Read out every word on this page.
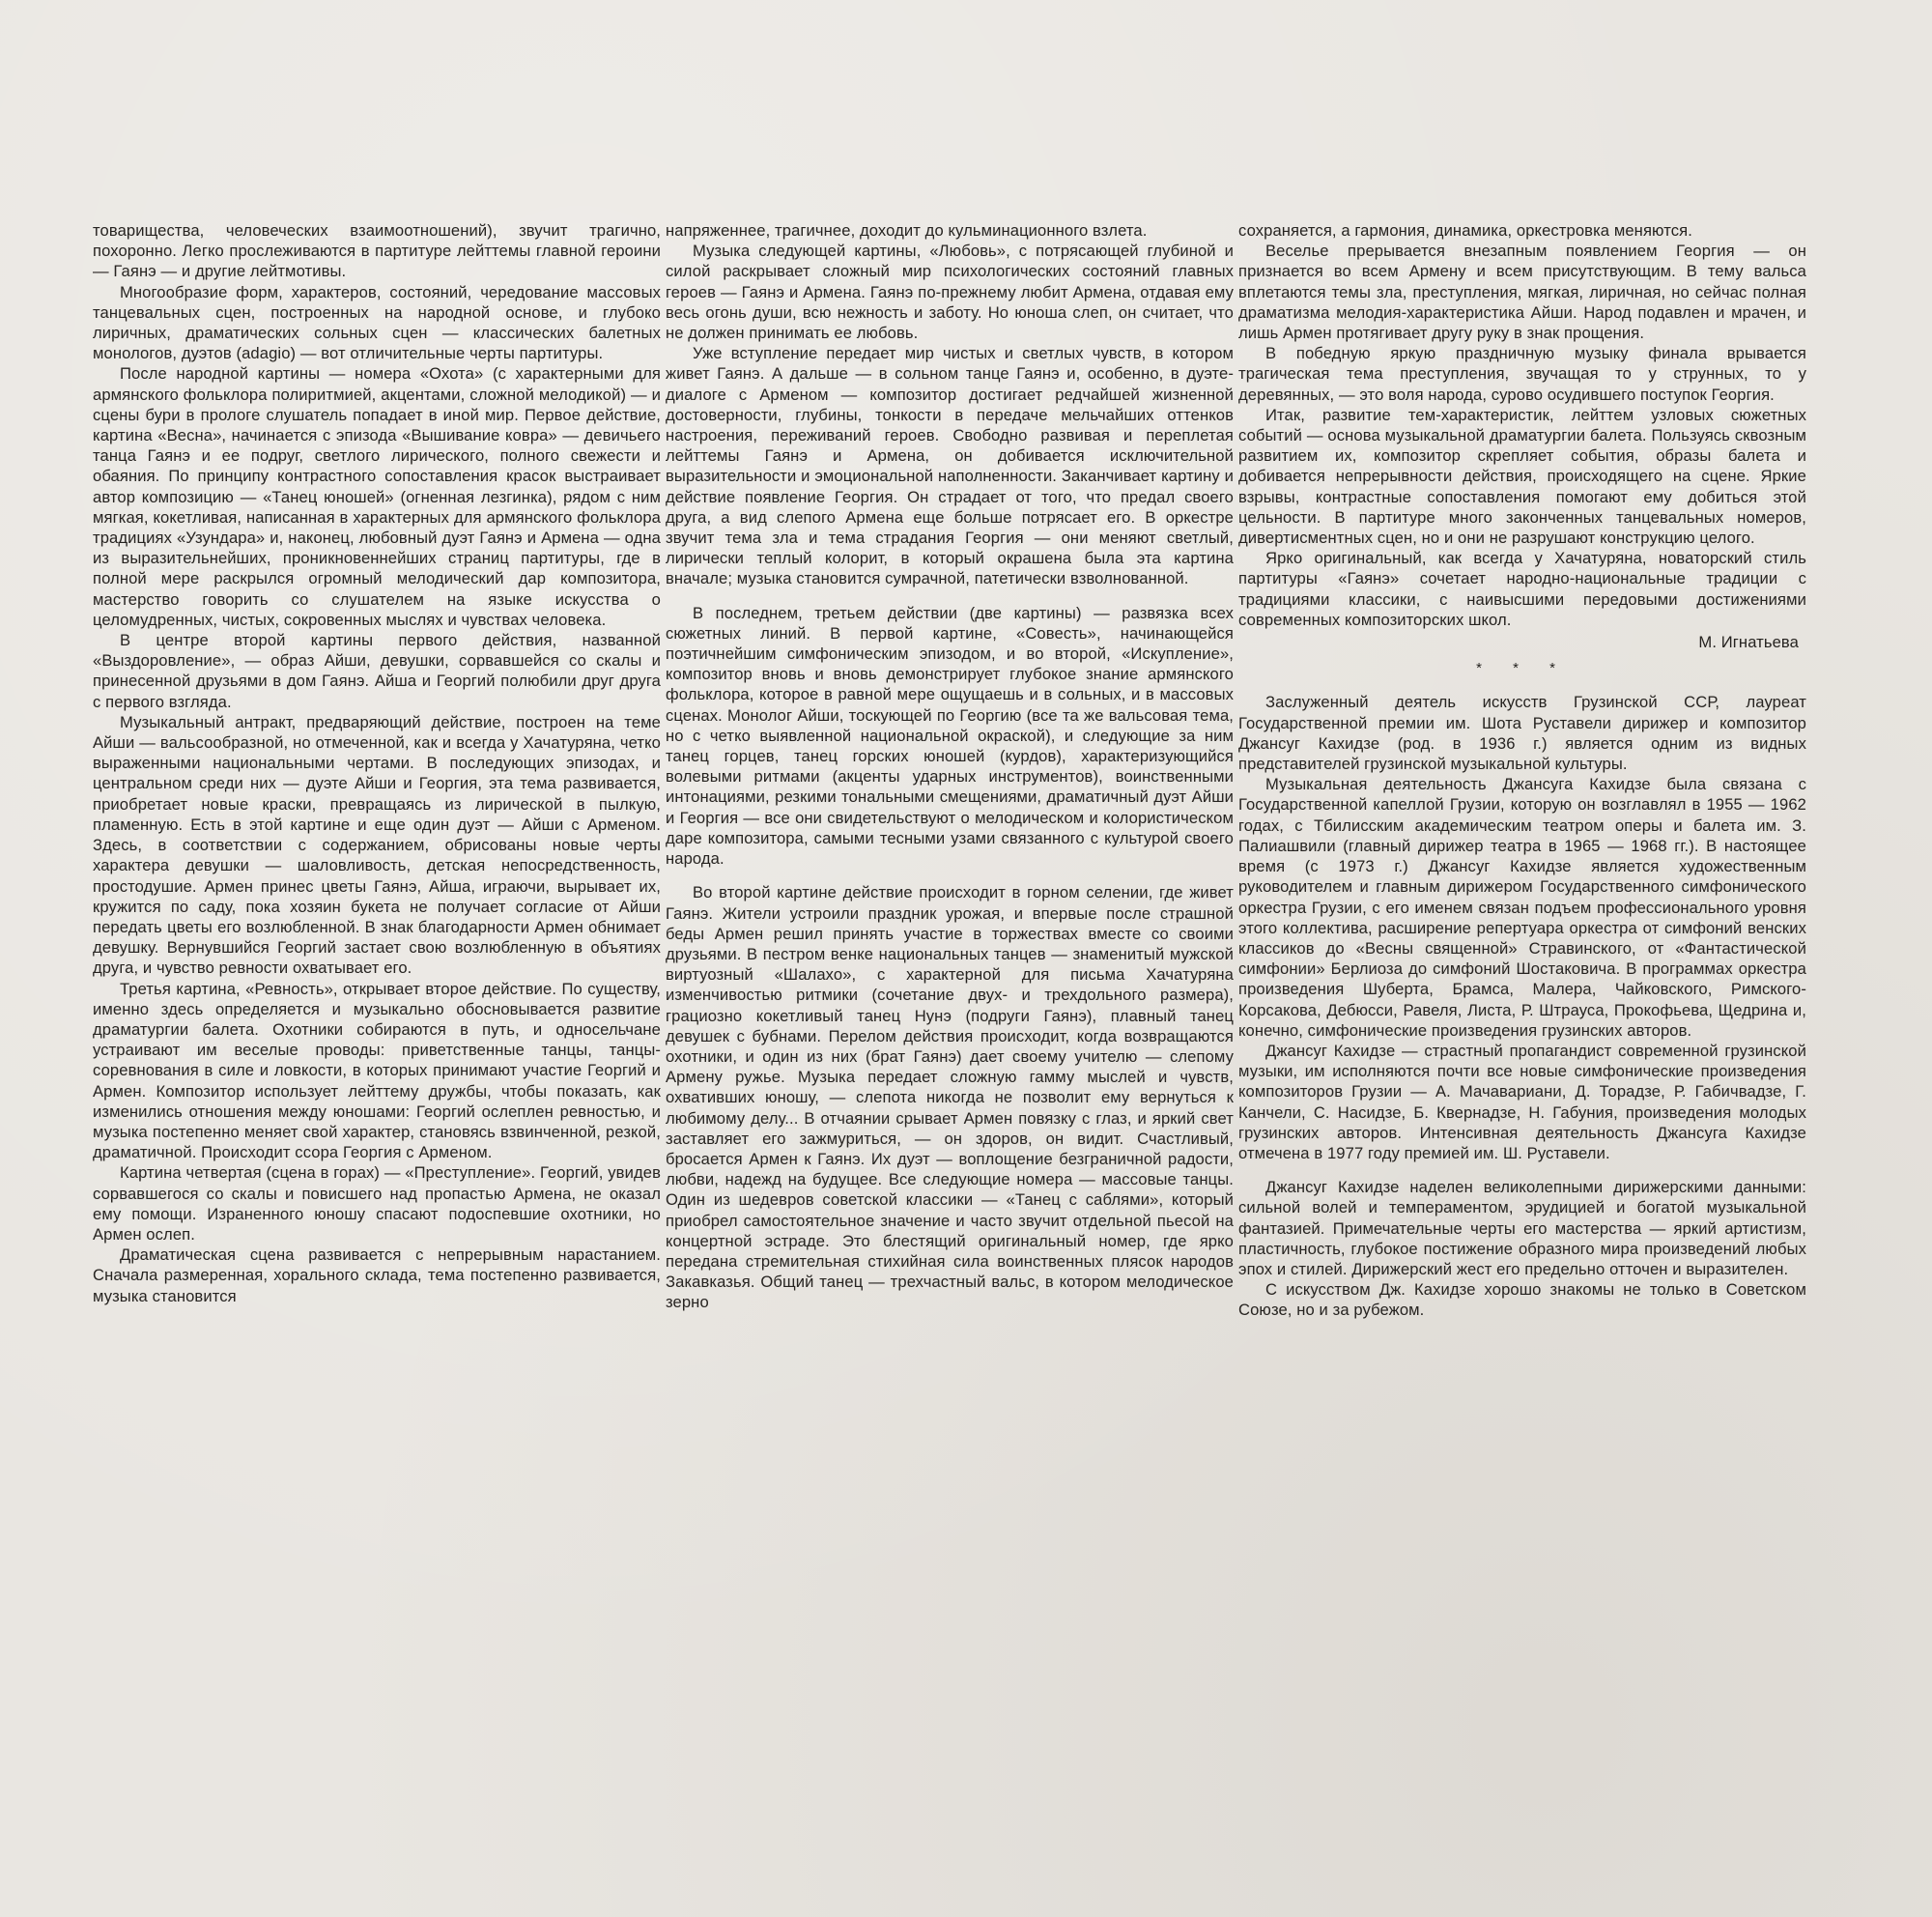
товарищества, человеческих взаимоотношений), звучит трагично, похоронно. Легко прослеживаются в партитуре лейттемы главной героини — Гаянэ — и другие лейтмотивы.

Многообразие форм, характеров, состояний, чередование массовых танцевальных сцен, построенных на народной основе, и глубоко лиричных, драматических сольных сцен — классических балетных монологов, дуэтов (adagio) — вот отличительные черты партитуры.

После народной картины — номера «Охота» (с характерными для армянского фольклора полиритмией, акцентами, сложной мелодикой) — и сцены бури в прологе слушатель попадает в иной мир. Первое действие, картина «Весна», начинается с эпизода «Вышивание ковра» — девичьего танца Гаянэ и ее подруг, светлого лирического, полного свежести и обаяния. По принципу контрастного сопоставления красок выстраивает автор композицию — «Танец юношей» (огненная лезгинка), рядом с ним мягкая, кокетливая, написанная в характерных для армянского фольклора традициях «Узундара» и, наконец, любовный дуэт Гаянэ и Армена — одна из выразительнейших, проникновеннейших страниц партитуры, где в полной мере раскрылся огромный мелодический дар композитора, мастерство говорить со слушателем на языке искусства о целомудренных, чистых, сокровенных мыслях и чувствах человека.

В центре второй картины первого действия, названной «Выздоровление», — образ Айши, девушки, сорвавшейся со скалы и принесенной друзьями в дом Гаянэ. Айша и Георгий полюбили друг друга с первого взгляда.

Музыкальный антракт, предваряющий действие, построен на теме Айши — вальсообразной, но отмеченной, как и всегда у Хачатуряна, четко выраженными национальными чертами. В последующих эпизодах, и центральном среди них — дуэте Айши и Георгия, эта тема развивается, приобретает новые краски, превращаясь из лирической в пылкую, пламенную. Есть в этой картине и еще один дуэт — Айши с Арменом. Здесь, в соответствии с содержанием, обрисованы новые черты характера девушки — шаловливость, детская непосредственность, простодушие. Армен принес цветы Гаянэ, Айша, играючи, вырывает их, кружится по саду, пока хозяин букета не получает согласие от Айши передать цветы его возлюбленной. В знак благодарности Армен обнимает девушку. Вернувшийся Георгий застает свою возлюбленную в объятиях друга, и чувство ревности охватывает его.

Третья картина, «Ревность», открывает второе действие. По существу, именно здесь определяется и музыкально обосновывается развитие драматургии балета. Охотники собираются в путь, и односельчане устраивают им веселые проводы: приветственные танцы, танцы-соревнования в силе и ловкости, в которых принимают участие Георгий и Армен. Композитор использует лейттему дружбы, чтобы показать, как изменились отношения между юношами: Георгий ослеплен ревностью, и музыка постепенно меняет свой характер, становясь взвинченной, резкой, драматичной. Происходит ссора Георгия с Арменом.

Картина четвертая (сцена в горах) — «Преступление». Георгий, увидев сорвавшегося со скалы и повисшего над пропастью Армена, не оказал ему помощи. Израненного юношу спасают подоспевшие охотники, но Армен ослеп.

Драматическая сцена развивается с непрерывным нарастанием. Сначала размеренная, хорального склада, тема постепенно развивается, музыка становится

напряженнее, трагичнее, доходит до кульминационного взлета.

Музыка следующей картины, «Любовь», с потрясающей глубиной и силой раскрывает сложный мир психологических состояний главных героев — Гаянэ и Армена. Гаянэ по-прежнему любит Армена, отдавая ему весь огонь души, всю нежность и заботу. Но юноша слеп, он считает, что не должен принимать ее любовь.

Уже вступление передает мир чистых и светлых чувств, в котором живет Гаянэ. А дальше — в сольном танце Гаянэ и, особенно, в дуэте-диалоге с Арменом — композитор достигает редчайшей жизненной достоверности, глубины, тонкости в передаче мельчайших оттенков настроения, переживаний героев. Свободно развивая и переплетая лейттемы Гаянэ и Армена, он добивается исключительной выразительности и эмоциональной наполненности. Заканчивает картину и действие появление Георгия. Он страдает от того, что предал своего друга, а вид слепого Армена еще больше потрясает его. В оркестре звучит тема зла и тема страдания Георгия — они меняют светлый, лирически теплый колорит, в который окрашена была эта картина вначале; музыка становится сумрачной, патетически взволнованной.

В последнем, третьем действии (две картины) — развязка всех сюжетных линий. В первой картине, «Совесть», начинающейся поэтичнейшим симфоническим эпизодом, и во второй, «Искупление», композитор вновь и вновь демонстрирует глубокое знание армянского фольклора, которое в равной мере ощущаешь и в сольных, и в массовых сценах. Монолог Айши, тоскующей по Георгию (все та же вальсовая тема, но с четко выявленной национальной окраской), и следующие за ним танец горцев, танец горских юношей (курдов), характеризующийся волевыми ритмами (акценты ударных инструментов), воинственными интонациями, резкими тональными смещениями, драматичный дуэт Айши и Георгия — все они свидетельствуют о мелодическом и колористическом даре композитора, самыми тесными узами связанного с культурой своего народа.

Во второй картине действие происходит в горном селении, где живет Гаянэ. Жители устроили праздник урожая, и впервые после страшной беды Армен решил принять участие в торжествах вместе со своими друзьями. В пестром венке национальных танцев — знаменитый мужской виртуозный «Шалахо», с характерной для письма Хачатуряна изменчивостью ритмики (сочетание двух- и трехдольного размера), грациозно кокетливый танец Нунэ (подруги Гаянэ), плавный танец девушек с бубнами. Перелом действия происходит, когда возвращаются охотники, и один из них (брат Гаянэ) дает своему учителю — слепому Армену ружье. Музыка передает сложную гамму мыслей и чувств, охвативших юношу, — слепота никогда не позволит ему вернуться к любимому делу... В отчаянии срывает Армен повязку с глаз, и яркий свет заставляет его зажмуриться, — он здоров, он видит. Счастливый, бросается Армен к Гаянэ. Их дуэт — воплощение безграничной радости, любви, надежд на будущее. Все следующие номера — массовые танцы. Один из шедевров советской классики — «Танец с саблями», который приобрел самостоятельное значение и часто звучит отдельной пьесой на концертной эстраде. Это блестящий оригинальный номер, где ярко передана стремительная стихийная сила воинственных плясок народов Закавказья. Общий танец — трехчастный вальс, в котором мелодическое зерно

сохраняется, а гармония, динамика, оркестровка меняются.

Веселье прерывается внезапным появлением Георгия — он признается во всем Армену и всем присутствующим. В тему вальса вплетаются темы зла, преступления, мягкая, лиричная, но сейчас полная драматизма мелодия-характеристика Айши. Народ подавлен и мрачен, и лишь Армен протягивает другу руку в знак прощения.

В победную яркую праздничную музыку финала врывается трагическая тема преступления, звучащая то у струнных, то у деревянных, — это воля народа, сурово осудившего поступок Георгия.

Итак, развитие тем-характеристик, лейттем узловых сюжетных событий — основа музыкальной драматургии балета. Пользуясь сквозным развитием их, композитор скрепляет события, образы балета и добивается непрерывности действия, происходящего на сцене. Яркие взрывы, контрастные сопоставления помогают ему добиться этой цельности. В партитуре много законченных танцевальных номеров, дивертисментных сцен, но и они не разрушают конструкцию целого.

Ярко оригинальный, как всегда у Хачатуряна, новаторский стиль партитуры «Гаянэ» сочетает народно-национальные традиции с традициями классики, с наивысшими передовыми достижениями современных композиторских школ.

М. Игнатьева
* * *

Заслуженный деятель искусств Грузинской ССР, лауреат Государственной премии им. Шота Руставели дирижер и композитор Джансуг Кахидзе (род. в 1936 г.) является одним из видных представителей грузинской музыкальной культуры.

Музыкальная деятельность Джансуга Кахидзе была связана с Государственной капеллой Грузии, которую он возглавлял в 1955 — 1962 годах, с Тбилисским академическим театром оперы и балета им. З. Палиашвили (главный дирижер театра в 1965 — 1968 гг.). В настоящее время (с 1973 г.) Джансуг Кахидзе является художественным руководителем и главным дирижером Государственного симфонического оркестра Грузии, с его именем связан подъем профессионального уровня этого коллектива, расширение репертуара оркестра от симфоний венских классиков до «Весны священной» Стравинского, от «Фантастической симфонии» Берлиоза до симфоний Шостаковича. В программах оркестра произведения Шуберта, Брамса, Малера, Чайковского, Римского-Корсакова, Дебюсси, Равеля, Листа, Р. Штрауса, Прокофьева, Щедрина и, конечно, симфонические произведения грузинских авторов.

Джансуг Кахидзе — страстный пропагандист современной грузинской музыки, им исполняются почти все новые симфонические произведения композиторов Грузии — А. Мачавариани, Д. Торадзе, Р. Габичвадзе, Г. Канчели, С. Насидзе, Б. Квернадзе, Н. Габуния, произведения молодых грузинских авторов. Интенсивная деятельность Джансуга Кахидзе отмечена в 1977 году премией им. Ш. Руставели.

Джансуг Кахидзе наделен великолепными дирижерскими данными: сильной волей и темпераментом, эрудицией и богатой музыкальной фантазией. Примечательные черты его мастерства — яркий артистизм, пластичность, глубокое постижение образного мира произведений любых эпох и стилей. Дирижерский жест его предельно отточен и выразителен.

С искусством Дж. Кахидзе хорошо знакомы не только в Советском Союзе, но и за рубежом.
